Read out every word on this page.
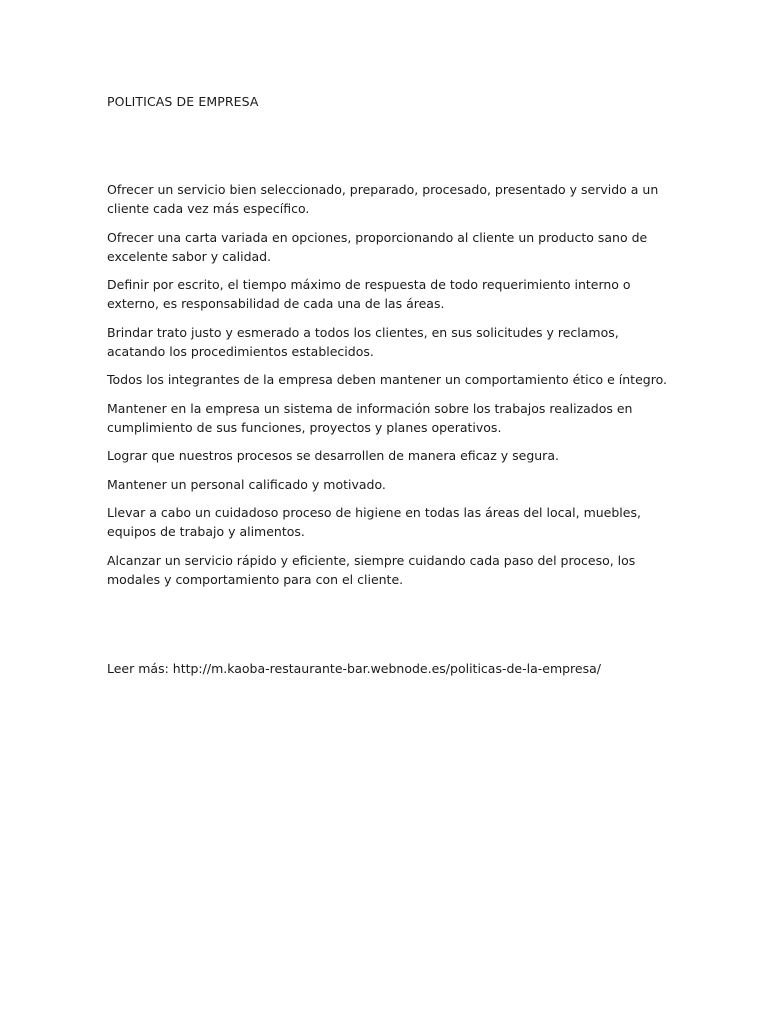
POLITICAS DE EMPRESA
Ofrecer un servicio bien seleccionado, preparado, procesado, presentado y servido a un cliente cada vez más específico.
Ofrecer una carta variada en opciones, proporcionando al cliente un producto sano de excelente sabor y calidad.
Definir por escrito, el tiempo máximo de respuesta de todo requerimiento interno o externo, es responsabilidad de cada una de las áreas.
Brindar trato justo y esmerado a todos los clientes, en sus solicitudes y reclamos, acatando los procedimientos establecidos.
Todos los integrantes de la empresa deben mantener un comportamiento ético e íntegro.
Mantener en la empresa un sistema de información sobre los trabajos realizados en cumplimiento de sus funciones, proyectos y planes operativos.
Lograr que nuestros procesos se desarrollen de manera eficaz y segura.
Mantener un personal calificado y motivado.
Llevar a cabo un cuidadoso proceso de higiene en todas las áreas del local, muebles, equipos de trabajo y alimentos.
Alcanzar un servicio rápido y eficiente, siempre cuidando cada paso del proceso, los modales y comportamiento para con el cliente.

Leer más: http://m.kaoba-restaurante-bar.webnode.es/politicas-de-la-empresa/
